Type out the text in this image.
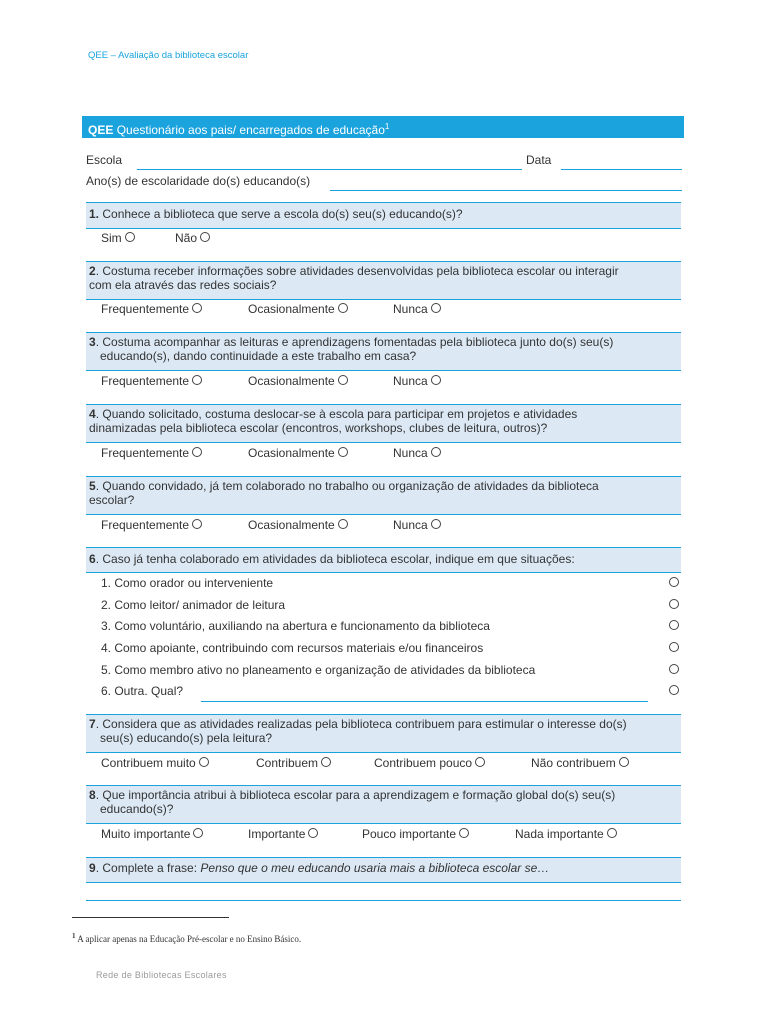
QEE – Avaliação da biblioteca escolar
QEE Questionário aos pais/ encarregados de educação$^1$
Escola	Data
Ano(s) de escolaridade do(s) educando(s)
1. Conhece a biblioteca que serve a escola do(s) seu(s) educando(s)?
Sim	Não
2. Costuma receber informações sobre atividades desenvolvidas pela biblioteca escolar ou interagir
com ela através das redes sociais?
Frequentemente	Ocasionalmente	Nunca
3. Costuma acompanhar as leituras e aprendizagens fomentadas pela biblioteca junto do(s) seu(s)
educando(s), dando continuidade a este trabalho em casa?
Frequentemente	Ocasionalmente	Nunca
4. Quando solicitado, costuma deslocar-se à escola para participar em projetos e atividades
dinamizadas pela biblioteca escolar (encontros, workshops, clubes de leitura, outros)?
Frequentemente	Ocasionalmente	Nunca
5. Quando convidado, já tem colaborado no trabalho ou organização de atividades da biblioteca
escolar?
Frequentemente	Ocasionalmente	Nunca
6. Caso já tenha colaborado em atividades da biblioteca escolar, indique em que situações:
1. Como orador ou interveniente
2. Como leitor/ animador de leitura
3. Como voluntário, auxiliando na abertura e funcionamento da biblioteca
4. Como apoiante, contribuindo com recursos materiais e/ou financeiros
5. Como membro ativo no planeamento e organização de atividades da biblioteca
6. Outra. Qual?
7. Considera que as atividades realizadas pela biblioteca contribuem para estimular o interesse do(s)
seu(s) educando(s) pela leitura?
Contribuem muito	Contribuem	Contribuem pouco	Não contribuem
8. Que importância atribui à biblioteca escolar para a aprendizagem e formação global do(s) seu(s)
educando(s)?
Muito importante	Importante	Pouco importante	Nada importante
9. Complete a frase: Penso que o meu educando usaria mais a biblioteca escolar se…
$^1$ A aplicar apenas na Educação Pré-escolar e no Ensino Básico.
Rede de Bibliotecas Escolares
